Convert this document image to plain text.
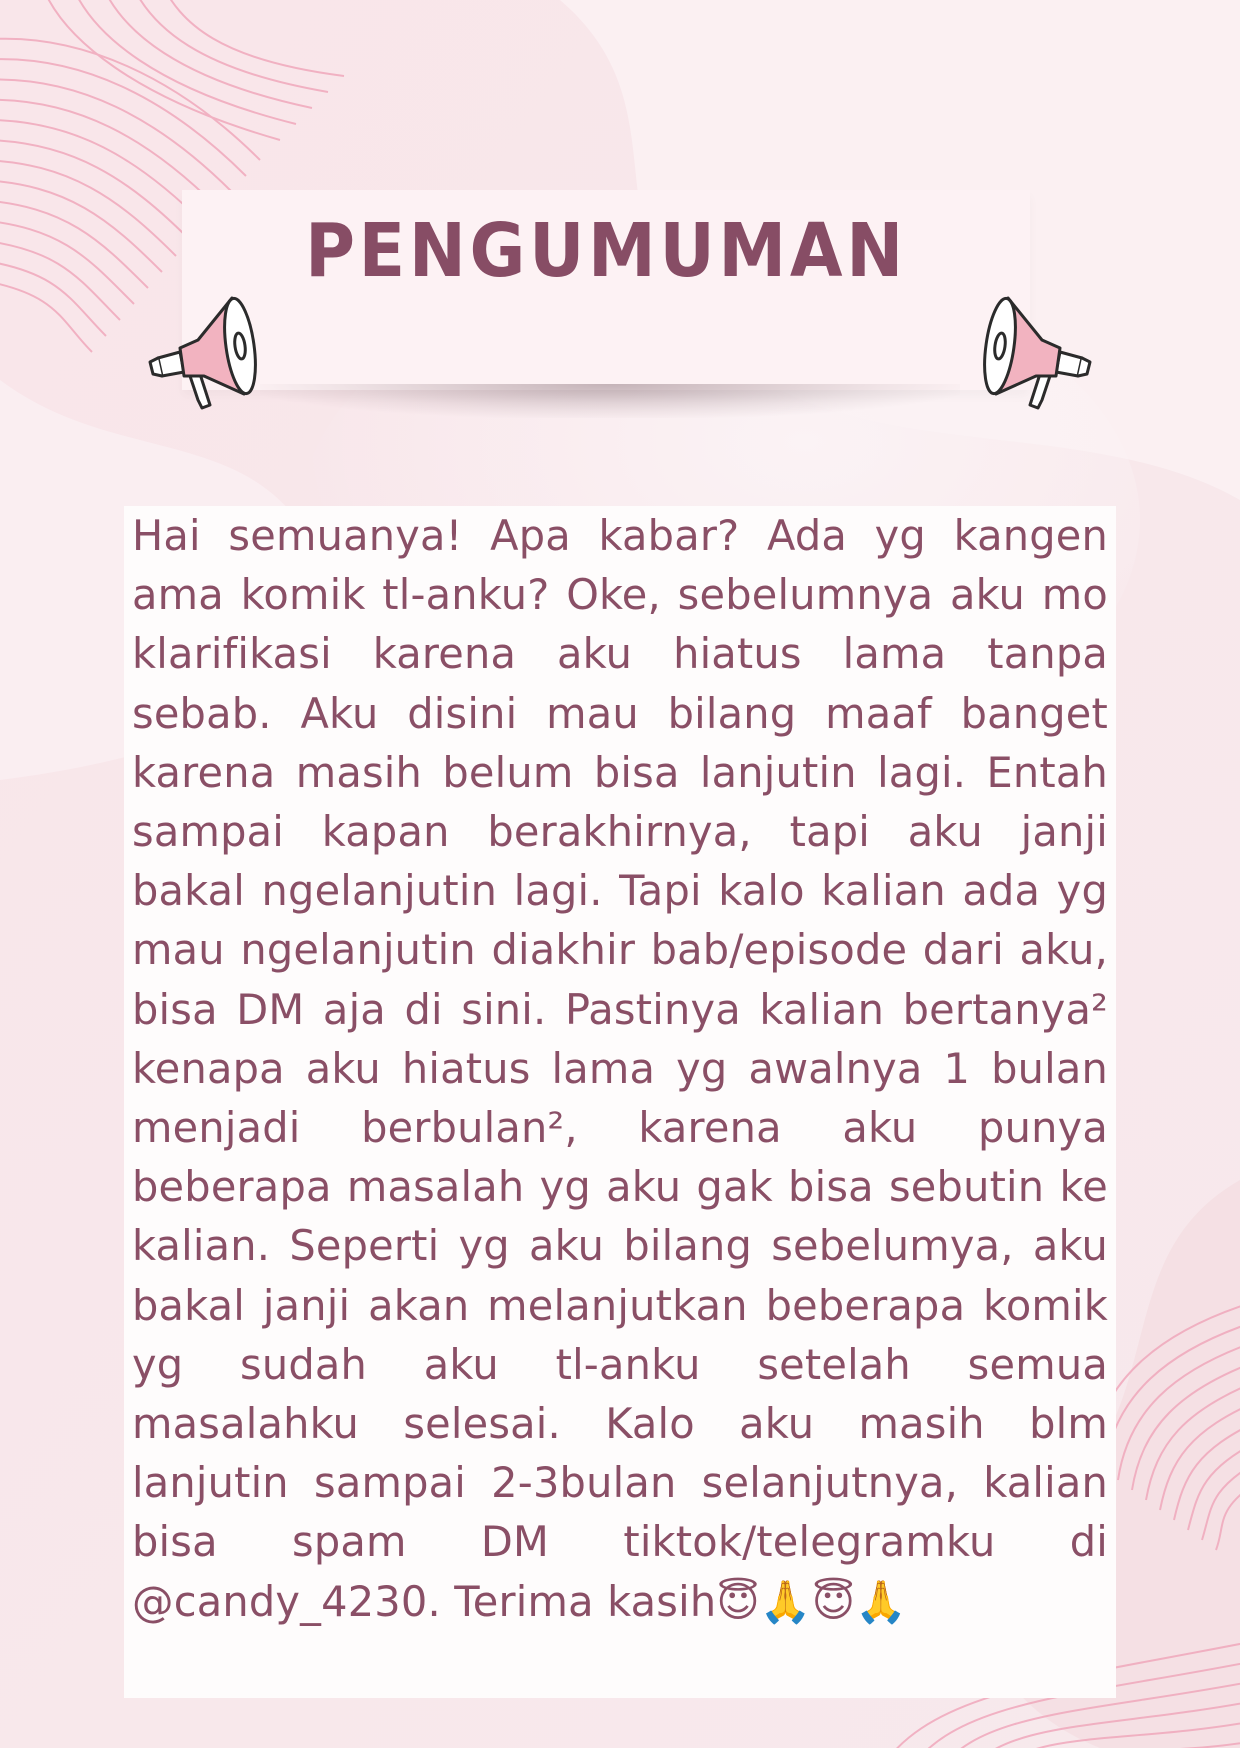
PENGUMUMAN
Hai semuanya! Apa kabar? Ada yg kangen ama komik tl-anku? Oke, sebelumnya aku mo klarifikasi karena aku hiatus lama tanpa sebab. Aku disini mau bilang maaf banget karena masih belum bisa lanjutin lagi. Entah sampai kapan berakhirnya, tapi aku janji bakal ngelanjutin lagi. Tapi kalo kalian ada yg mau ngelanjutin diakhir bab/episode dari aku, bisa DM aja di sini. Pastinya kalian bertanya² kenapa aku hiatus lama yg awalnya 1 bulan menjadi berbulan², karena aku punya beberapa masalah yg aku gak bisa sebutin ke kalian. Seperti yg aku bilang sebelumya, aku bakal janji akan melanjutkan beberapa komik yg sudah aku tl-anku setelah semua masalahku selesai. Kalo aku masih blm lanjutin sampai 2-3bulan selanjutnya, kalian bisa spam DM tiktok/telegramku di @candy_4230. Terima kasih😇🙏😇🙏
